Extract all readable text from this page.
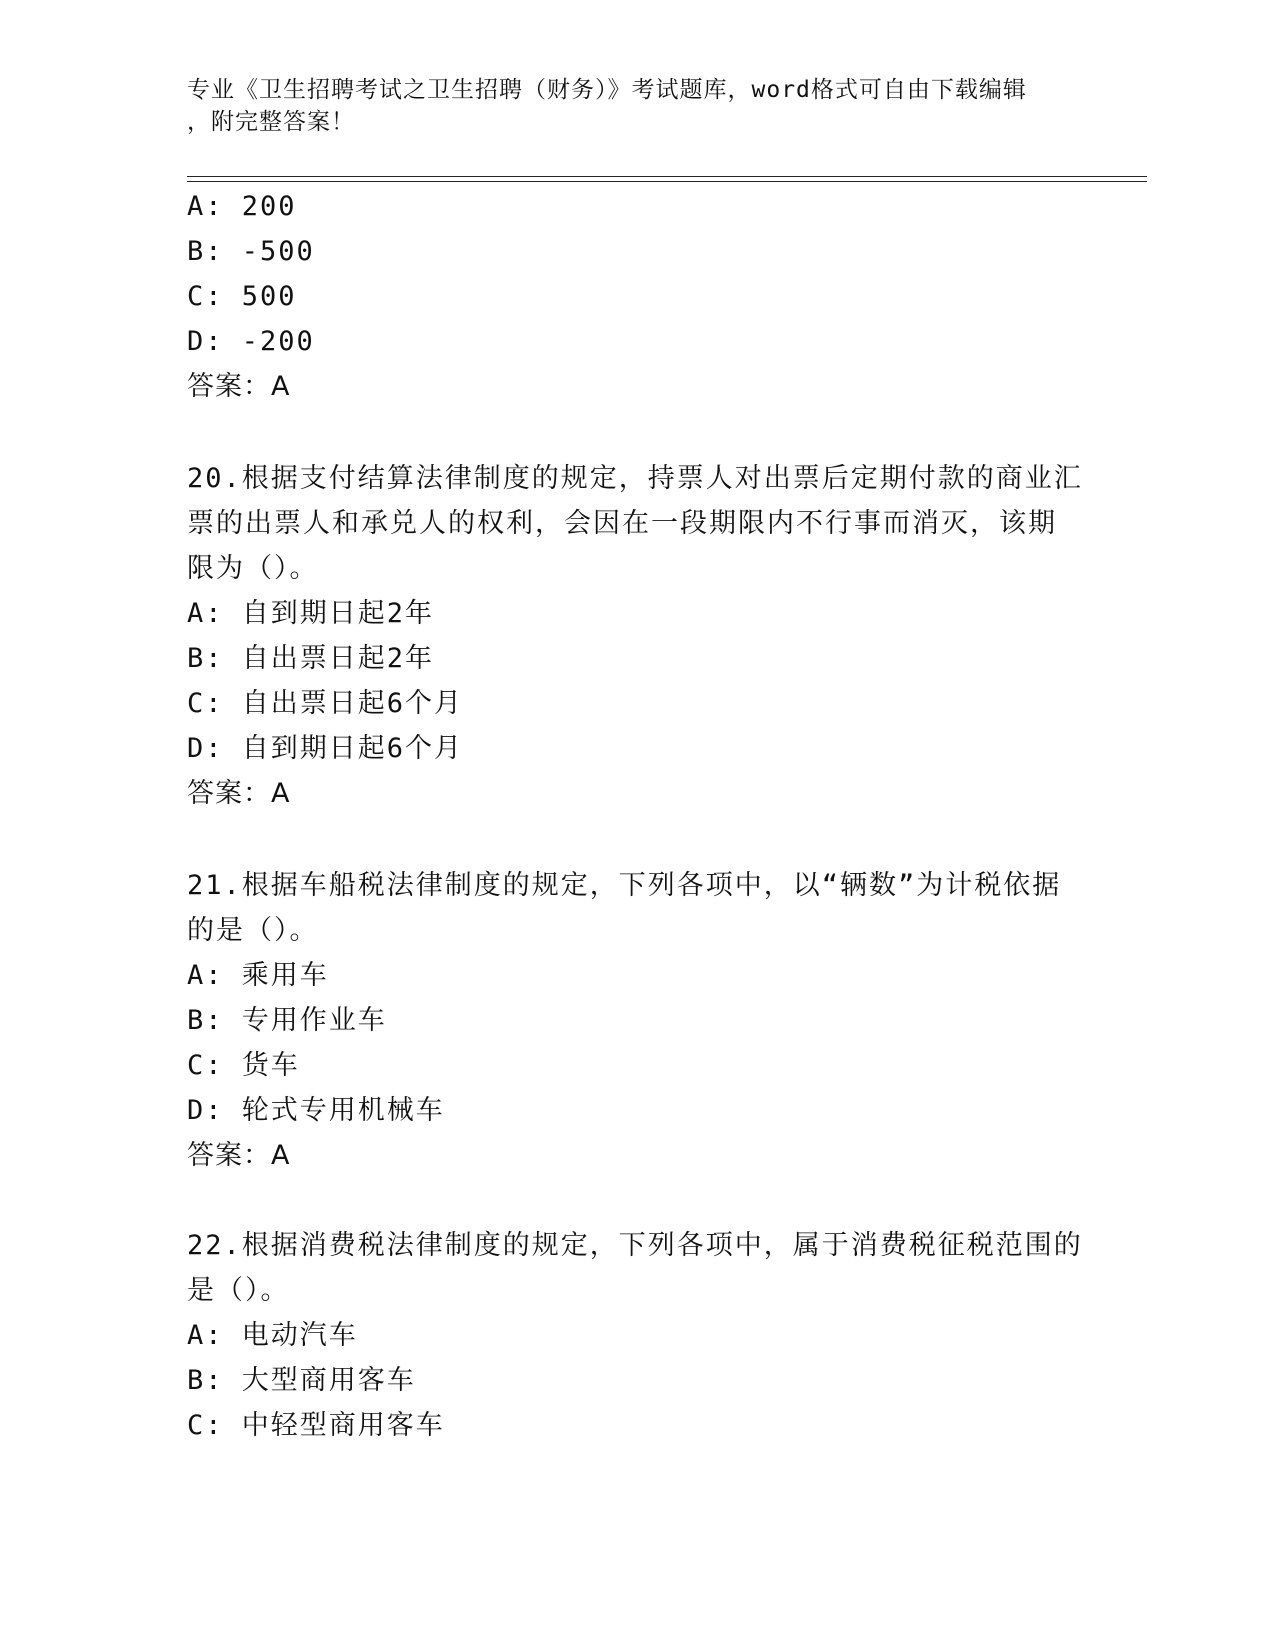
专业《卫生招聘考试之卫生招聘（财务）》考试题库，word格式可自由下载编辑
，附完整答案！
A: 200
B: -500
C: 500
D: -200
答案：A
20.根据支付结算法律制度的规定，持票人对出票后定期付款的商业汇
票的出票人和承兑人的权利，会因在一段期限内不行事而消灭，该期
限为（）。
A: 自到期日起2年
B: 自出票日起2年
C: 自出票日起6个月
D: 自到期日起6个月
答案：A
21.根据车船税法律制度的规定，下列各项中，以“辆数”为计税依据
的是（）。
A: 乘用车
B: 专用作业车
C: 货车
D: 轮式专用机械车
答案：A
22.根据消费税法律制度的规定，下列各项中，属于消费税征税范围的
是（）。
A: 电动汽车
B: 大型商用客车
C: 中轻型商用客车
